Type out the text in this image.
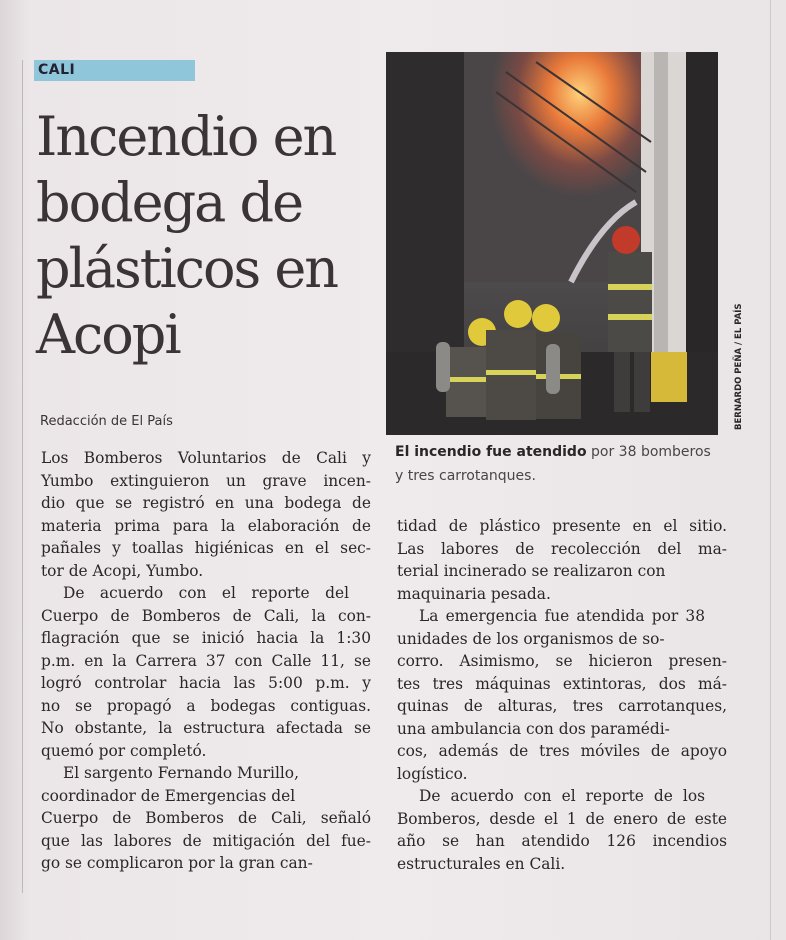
CALI
Incendio en
bodega de
plásticos en
Acopi
Redacción de El País	BERNARDO PEÑA / EL PAÍS
El incendio fue atendido por 38 bomberos y tres carrotanques.

Los Bomberos Voluntarios de Cali y
Yumbo extinguieron un grave incen-
dio que se registró en una bodega de
materia prima para la elaboración de
pañales y toallas higiénicas en el sec-
tor de Acopi, Yumbo.

De acuerdo con el reporte del
Cuerpo de Bomberos de Cali, la con-
flagración que se inició hacia la 1:30
p.m. en la Carrera 37 con Calle 11, se
logró controlar hacia las 5:00 p.m. y
no se propagó a bodegas contiguas.
No obstante, la estructura afectada se
quemó por completó.

El sargento Fernando Murillo,
coordinador de Emergencias del
Cuerpo de Bomberos de Cali, señaló
que las labores de mitigación del fue-
go se complicaron por la gran can-

tidad de plástico presente en el sitio.
Las labores de recolección del ma-
terial incinerado se realizaron con
maquinaria pesada.

La emergencia fue atendida por 38
unidades de los organismos de so-
corro. Asimismo, se hicieron presen-
tes tres máquinas extintoras, dos má-
quinas de alturas, tres carrotanques,
una ambulancia con dos paramédi-
cos, además de tres móviles de apoyo
logístico.

De acuerdo con el reporte de los
Bomberos, desde el 1 de enero de este
año se han atendido 126 incendios
estructurales en Cali.
